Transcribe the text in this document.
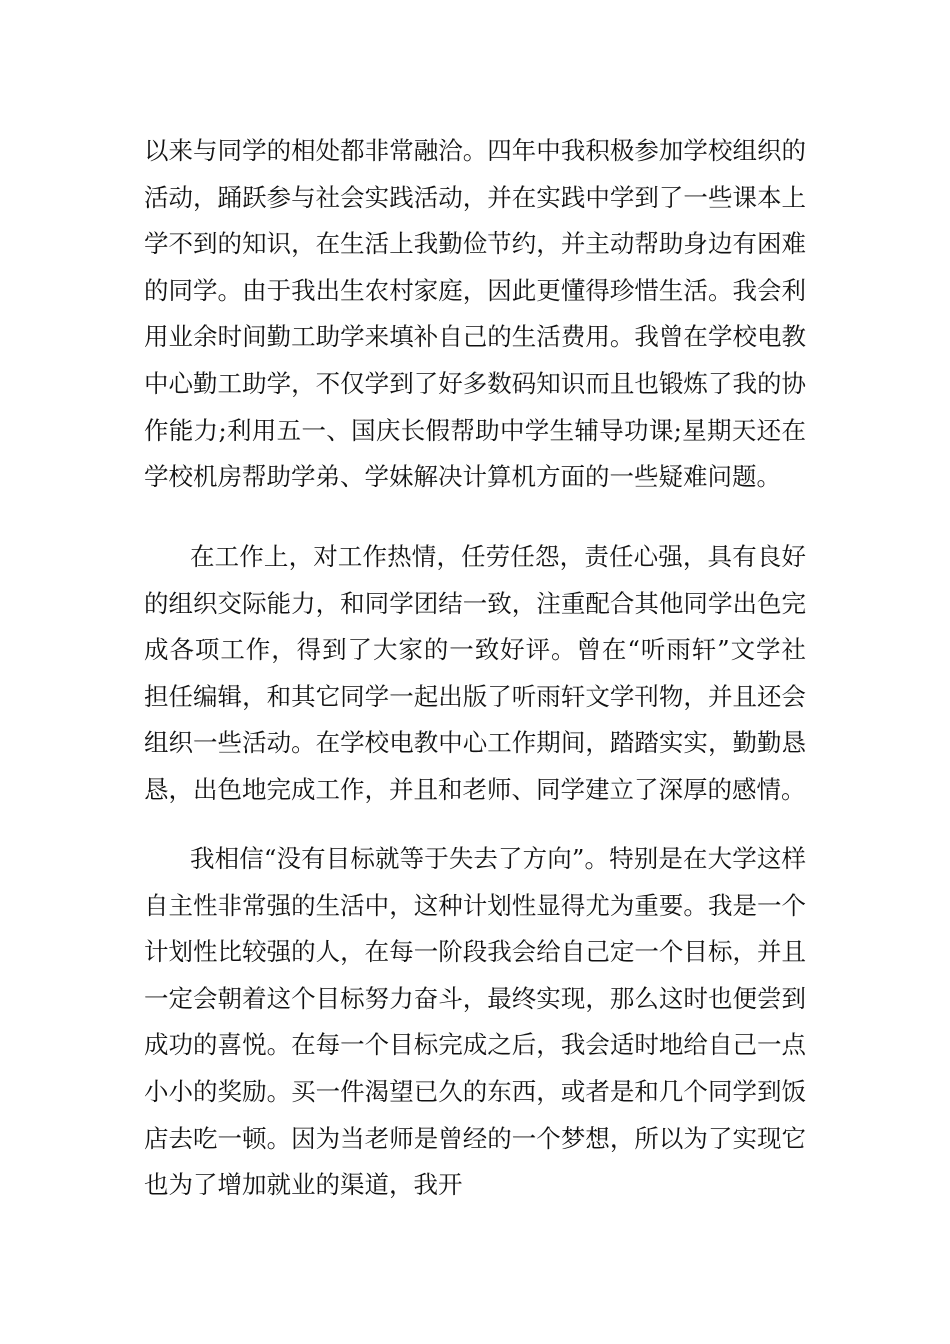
以来与同学的相处都非常融洽。四年中我积极参加学校组织的活动，踊跃参与社会实践活动，并在实践中学到了一些课本上学不到的知识，在生活上我勤俭节约，并主动帮助身边有困难的同学。由于我出生农村家庭，因此更懂得珍惜生活。我会利用业余时间勤工助学来填补自己的生活费用。我曾在学校电教中心勤工助学，不仅学到了好多数码知识而且也锻炼了我的协作能力;利用五一、国庆长假帮助中学生辅导功课;星期天还在学校机房帮助学弟、学妹解决计算机方面的一些疑难问题。

在工作上，对工作热情，任劳任怨，责任心强，具有良好的组织交际能力，和同学团结一致，注重配合其他同学出色完成各项工作，得到了大家的一致好评。曾在“听雨轩”文学社担任编辑，和其它同学一起出版了听雨轩文学刊物，并且还会组织一些活动。在学校电教中心工作期间，踏踏实实，勤勤恳恳，出色地完成工作，并且和老师、同学建立了深厚的感情。

我相信“没有目标就等于失去了方向”。特别是在大学这样自主性非常强的生活中，这种计划性显得尤为重要。我是一个计划性比较强的人，在每一阶段我会给自己定一个目标，并且一定会朝着这个目标努力奋斗，最终实现，那么这时也便尝到成功的喜悦。在每一个目标完成之后，我会适时地给自己一点小小的奖励。买一件渴望已久的东西，或者是和几个同学到饭店去吃一顿。因为当老师是曾经的一个梦想，所以为了实现它也为了增加就业的渠道，我开
